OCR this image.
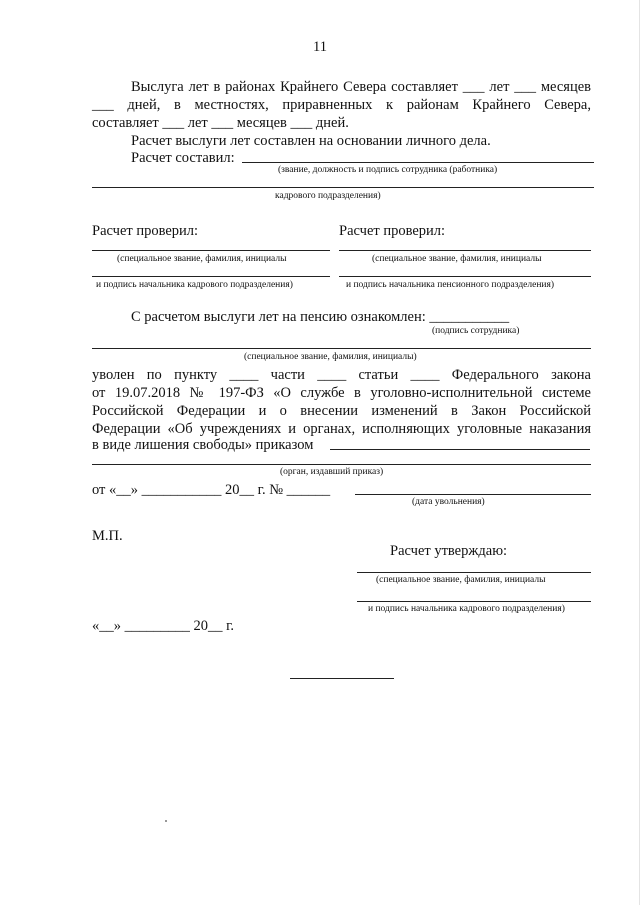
11
Выслуга лет в районах Крайнего Севера составляет ___ лет ___ месяцев
___ дней, в местностях, приравненных к районам Крайнего Севера,
составляет ___ лет ___ месяцев ___ дней.
Расчет выслуги лет составлен на основании личного дела.
Расчет составил:
(звание, должность и подпись сотрудника (работника)
кадрового подразделения)
Расчет проверил:	Расчет проверил:
(специальное звание, фамилия, инициалы	(специальное звание, фамилия, инициалы
и подпись начальника кадрового подразделения)	и подпись начальника пенсионного подразделения)
С расчетом выслуги лет на пенсию ознакомлен: ___________
(подпись сотрудника)
(специальное звание, фамилия, инициалы)
уволен по пункту ____ части ____ статьи ____ Федерального закона
от 19.07.2018 № 197-ФЗ «О службе в уголовно-исполнительной системе
Российской Федерации и о внесении изменений в Закон Российской
Федерации «Об учреждениях и органах, исполняющих уголовные наказания
в виде лишения свободы» приказом
(орган, издавший приказ)
от «__» ___________ 20__ г. № ______
(дата увольнения)
М.П.
Расчет утверждаю:
(специальное звание, фамилия, инициалы
и подпись начальника кадрового подразделения)
«__» _________ 20__ г.
